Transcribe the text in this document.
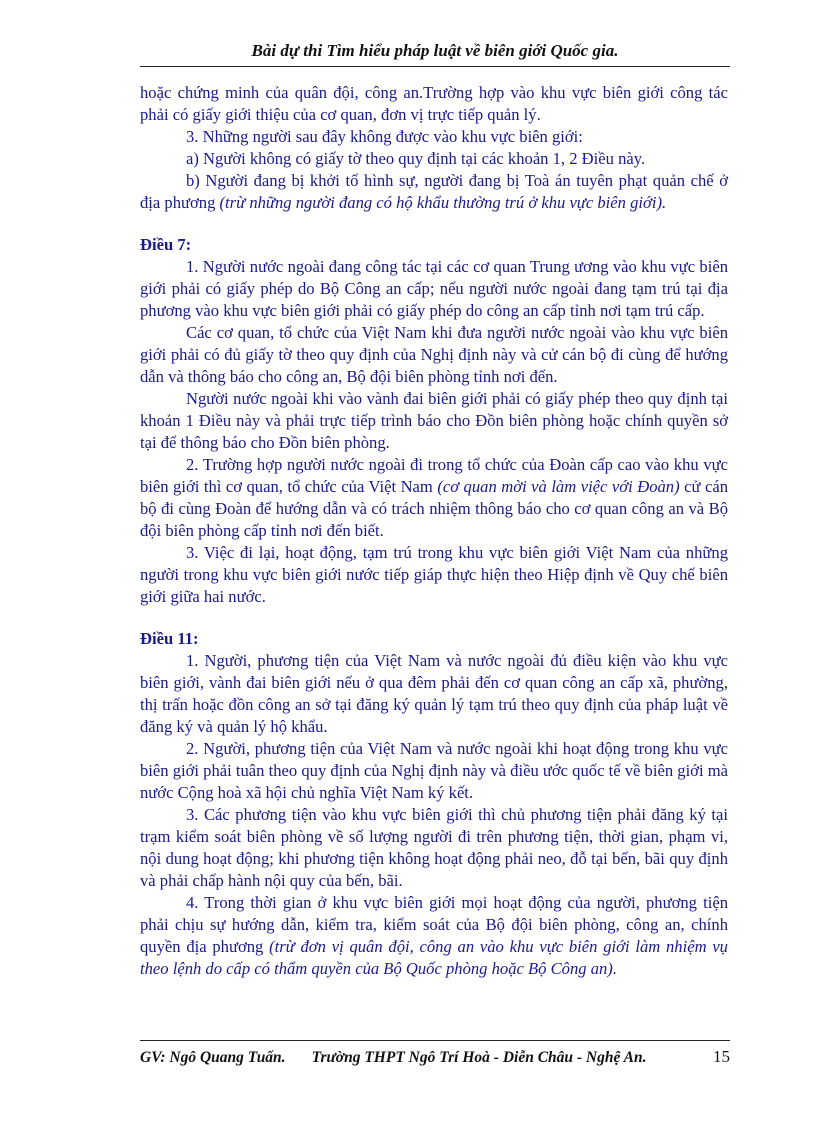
Bài dự thi Tìm hiểu pháp luật về biên giới Quốc gia.

hoặc chứng minh của quân đội, công an.Trường hợp vào khu vực biên giới công tác phải có giấy giới thiệu của cơ quan, đơn vị trực tiếp quản lý.

3. Những người sau đây không được vào khu vực biên giới:

a) Người không có giấy tờ theo quy định tại các khoản 1, 2 Điều này.

b) Người đang bị khởi tố hình sự, người đang bị Toà án tuyên phạt quản chế ở địa phương (trừ những người đang có hộ khẩu thường trú ở khu vực biên giới).

Điều 7:

1. Người nước ngoài đang công tác tại các cơ quan Trung ương vào khu vực biên giới phải có giấy phép do Bộ Công an cấp; nếu người nước ngoài đang tạm trú tại địa phương vào khu vực biên giới phải có giấy phép do công an cấp tỉnh nơi tạm trú cấp.

Các cơ quan, tổ chức của Việt Nam khi đưa người nước ngoài vào khu vực biên giới phải có đủ giấy tờ theo quy định của Nghị định này và cử cán bộ đi cùng để hướng dẫn và thông báo cho công an, Bộ đội biên phòng tỉnh nơi đến.

Người nước ngoài khi vào vành đai biên giới phải có giấy phép theo quy định tại khoản 1 Điều này và phải trực tiếp trình báo cho Đồn biên phòng hoặc chính quyền sở tại để thông báo cho Đồn biên phòng.

2. Trường hợp người nước ngoài đi trong tổ chức của Đoàn cấp cao vào khu vực biên giới thì cơ quan, tổ chức của Việt Nam (cơ quan mời và làm việc với Đoàn) cử cán bộ đi cùng Đoàn để hướng dẫn và có trách nhiệm thông báo cho cơ quan công an và Bộ đội biên phòng cấp tỉnh nơi đến biết.

3. Việc đi lại, hoạt động, tạm trú trong khu vực biên giới Việt Nam của những người trong khu vực biên giới nước tiếp giáp thực hiện theo Hiệp định về Quy chế biên giới giữa hai nước.

Điều 11:

1. Người, phương tiện của Việt Nam và nước ngoài đủ điều kiện vào khu vực biên giới, vành đai biên giới nếu ở qua đêm phải đến cơ quan công an cấp xã, phường, thị trấn hoặc đồn công an sở tại đăng ký quản lý tạm trú theo quy định của pháp luật về đăng ký và quản lý hộ khẩu.

2. Người, phương tiện của Việt Nam và nước ngoài khi hoạt động trong khu vực biên giới phải tuân theo quy định của Nghị định này và điều ước quốc tế về biên giới mà nước Cộng hoà xã hội chủ nghĩa Việt Nam ký kết.

3. Các phương tiện vào khu vực biên giới thì chủ phương tiện phải đăng ký tại trạm kiểm soát biên phòng về số lượng người đi trên phương tiện, thời gian, phạm vi, nội dung hoạt động; khi phương tiện không hoạt động phải neo, đỗ tại bến, bãi quy định và phải chấp hành nội quy của bến, bãi.

4. Trong thời gian ở khu vực biên giới mọi hoạt động của người, phương tiện phải chịu sự hướng dẫn, kiểm tra, kiểm soát của Bộ đội biên phòng, công an, chính quyền địa phương (trừ đơn vị quân đội, công an vào khu vực biên giới làm nhiệm vụ theo lệnh do cấp có thẩm quyền của Bộ Quốc phòng hoặc Bộ Công an).

GV: Ngô Quang Tuấn. Trường THPT Ngô Trí Hoà - Diễn Châu - Nghệ An.	15
